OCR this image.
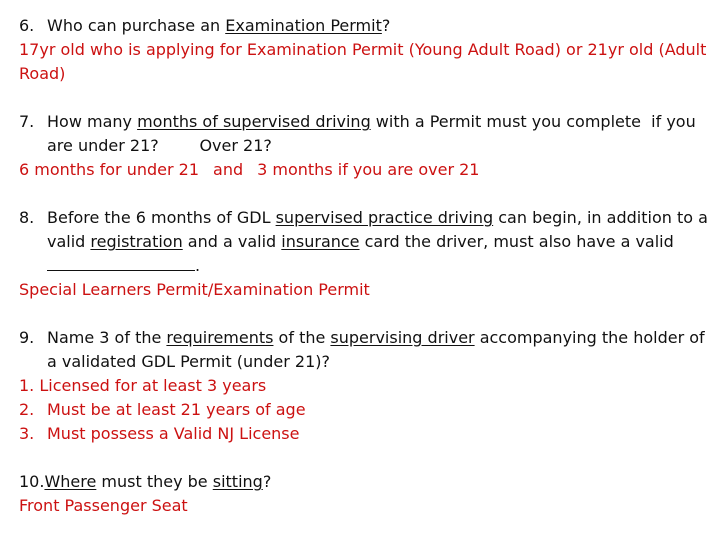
6. Who can purchase an Examination Permit?
17yr old who is applying for Examination Permit (Young Adult Road) or 21yr old (Adult Road)
7. How many months of supervised driving with a Permit must you complete  if you are under 21?        Over 21?
6 months for under 21 and 3 months if you are over 21
8. Before the 6 months of GDL supervised practice driving can begin, in addition to a valid registration and a valid insurance card the driver, must also have a valid .
Special Learners Permit/Examination Permit
9. Name 3 of the requirements of the supervising driver accompanying the holder of a validated GDL Permit (under 21)?
1. Licensed for at least 3 years
2. Must be at least 21 years of age
3. Must possess a Valid NJ License
10.Where must they be sitting?
Front Passenger Seat
